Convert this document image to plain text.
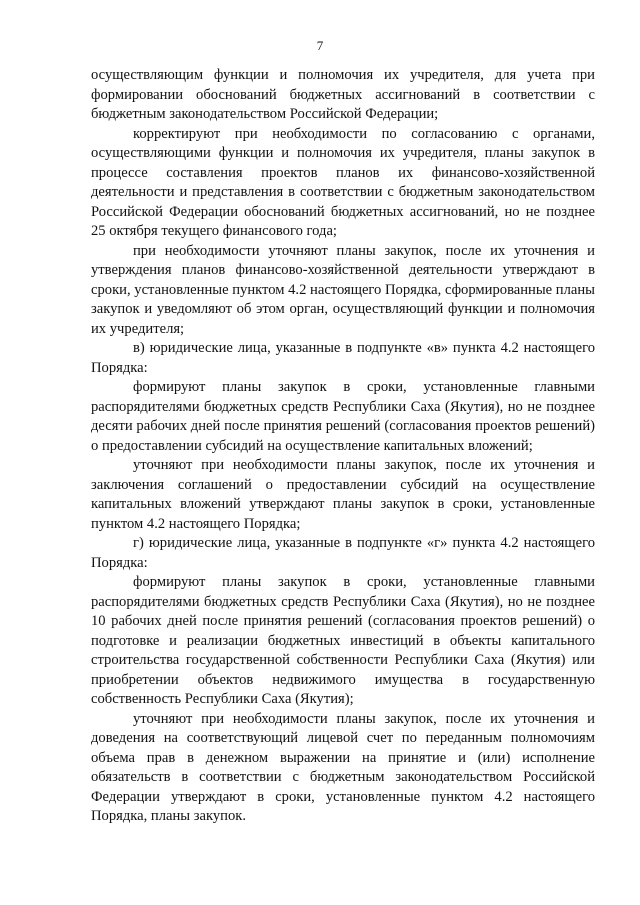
7

осуществляющим функции и полномочия их учредителя, для учета при формировании обоснований бюджетных ассигнований в соответствии с бюджетным законодательством Российской Федерации;

корректируют при необходимости по согласованию с органами, осуществляющими функции и полномочия их учредителя, планы закупок в процессе составления проектов планов их финансово-хозяйственной деятельности и представления в соответствии с бюджетным законодательством Российской Федерации обоснований бюджетных ассигнований, но не позднее 25 октября текущего финансового года;

при необходимости уточняют планы закупок, после их уточнения и утверждения планов финансово-хозяйственной деятельности утверждают в сроки, установленные пунктом 4.2 настоящего Порядка, сформированные планы закупок и уведомляют об этом орган, осуществляющий функции и полномочия их учредителя;

в) юридические лица, указанные в подпункте «в» пункта 4.2 настоящего Порядка:

формируют планы закупок в сроки, установленные главными распорядителями бюджетных средств Республики Саха (Якутия), но не позднее десяти рабочих дней после принятия решений (согласования проектов решений) о предоставлении субсидий на осуществление капитальных вложений;

уточняют при необходимости планы закупок, после их уточнения и заключения соглашений о предоставлении субсидий на осуществление капитальных вложений утверждают планы закупок в сроки, установленные пунктом 4.2 настоящего Порядка;

г) юридические лица, указанные в подпункте «г» пункта 4.2 настоящего Порядка:

формируют планы закупок в сроки, установленные главными распорядителями бюджетных средств Республики Саха (Якутия), но не позднее 10 рабочих дней после принятия решений (согласования проектов решений) о подготовке и реализации бюджетных инвестиций в объекты капитального строительства государственной собственности Республики Саха (Якутия) или приобретении объектов недвижимого имущества в государственную собственность Республики Саха (Якутия);

уточняют при необходимости планы закупок, после их уточнения и доведения на соответствующий лицевой счет по переданным полномочиям объема прав в денежном выражении на принятие и (или) исполнение обязательств в соответствии с бюджетным законодательством Российской Федерации утверждают в сроки, установленные пунктом 4.2 настоящего Порядка, планы закупок.
